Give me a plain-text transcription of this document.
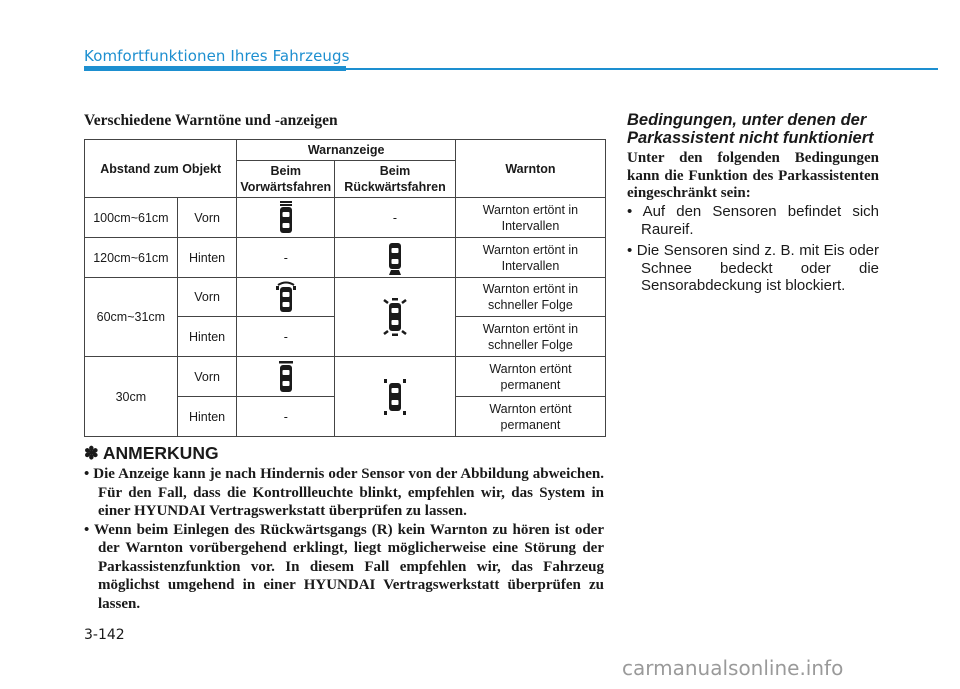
Komfortfunktionen Ihres Fahrzeugs
Verschiedene Warntöne und -anzeigen
Abstand zum Objekt		Warnanzeige		Warnton
		Beim Vorwärtsfahren	Beim Rückwärtsfahren	
100cm~61cm	Vorn		-	Warnton ertönt in Intervallen
120cm~61cm	Hinten	-		Warnton ertönt in Intervallen
60cm~31cm	Vorn			Warnton ertönt in schneller Folge
	Hinten	-		Warnton ertönt in schneller Folge
30cm	Vorn			Warnton ertönt permanent
	Hinten	-		Warnton ertönt permanent
✽ ANMERKUNG
• Die Anzeige kann je nach Hindernis oder Sensor von der Abbildung abweichen. Für den Fall, dass die Kontrollleuchte blinkt, empfehlen wir, das System in einer HYUNDAI Vertragswerkstatt überprüfen zu lassen.
• Wenn beim Einlegen des Rückwärtsgangs (R) kein Warnton zu hören ist oder der Warnton vorübergehend erklingt, liegt möglicherweise eine Störung der Parkassistenzfunktion vor. In diesem Fall empfehlen wir, das Fahrzeug möglichst umgehend in einer HYUNDAI Vertragswerkstatt überprüfen zu lassen.
Bedingungen, unter denen der Parkassistent nicht funktioniert
Unter den folgenden Bedingungen kann die Funktion des Parkassistenten eingeschränkt sein:
• Auf den Sensoren befindet sich Raureif.
• Die Sensoren sind z. B. mit Eis oder Schnee bedeckt oder die Sensorabdeckung ist blockiert.
3-142
carmanualsonline.info
